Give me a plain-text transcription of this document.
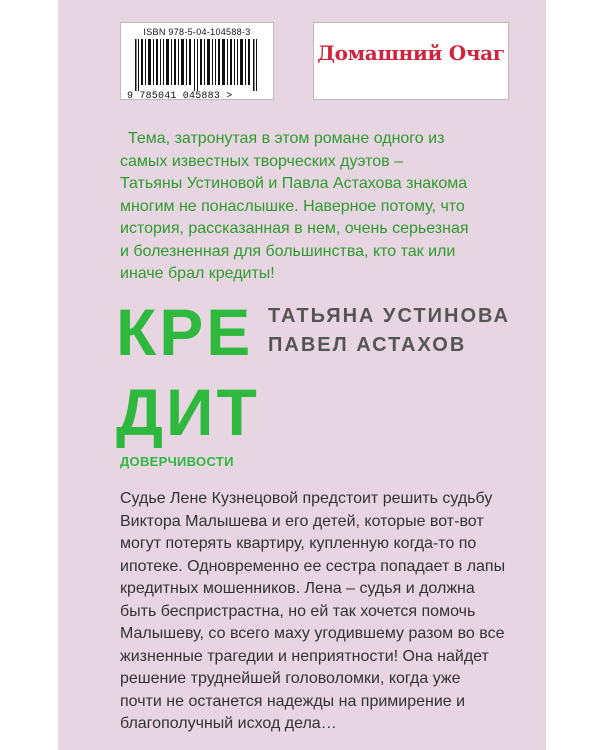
ISBN 978-5-04-104588-3
9 785041 045883 >
Домашний Очаг
Тема, затронутая в этом романе одного из
самых известных творческих дуэтов –
Татьяны Устиновой и Павла Астахова знакома
многим не понаслышке. Наверное потому, что
история, рассказанная в нем, очень серьезная
и болезненная для большинства, кто так или
иначе брал кредиты!
КРЕ
ДИТ
ТАТЬЯНА УСТИНОВА
ПАВЕЛ АСТАХОВ
ДОВЕРЧИВОСТИ
Судье Лене Кузнецовой предстоит решить судьбу
Виктора Малышева и его детей, которые вот-вот
могут потерять квартиру, купленную когда-то по
ипотеке. Одновременно ее сестра попадает в лапы
кредитных мошенников. Лена – судья и должна
быть беспристрастна, но ей так хочется помочь
Малышеву, со всего маху угодившему разом во все
жизненные трагедии и неприятности! Она найдет
решение труднейшей головоломки, когда уже
почти не останется надежды на примирение и
благополучный исход дела…
